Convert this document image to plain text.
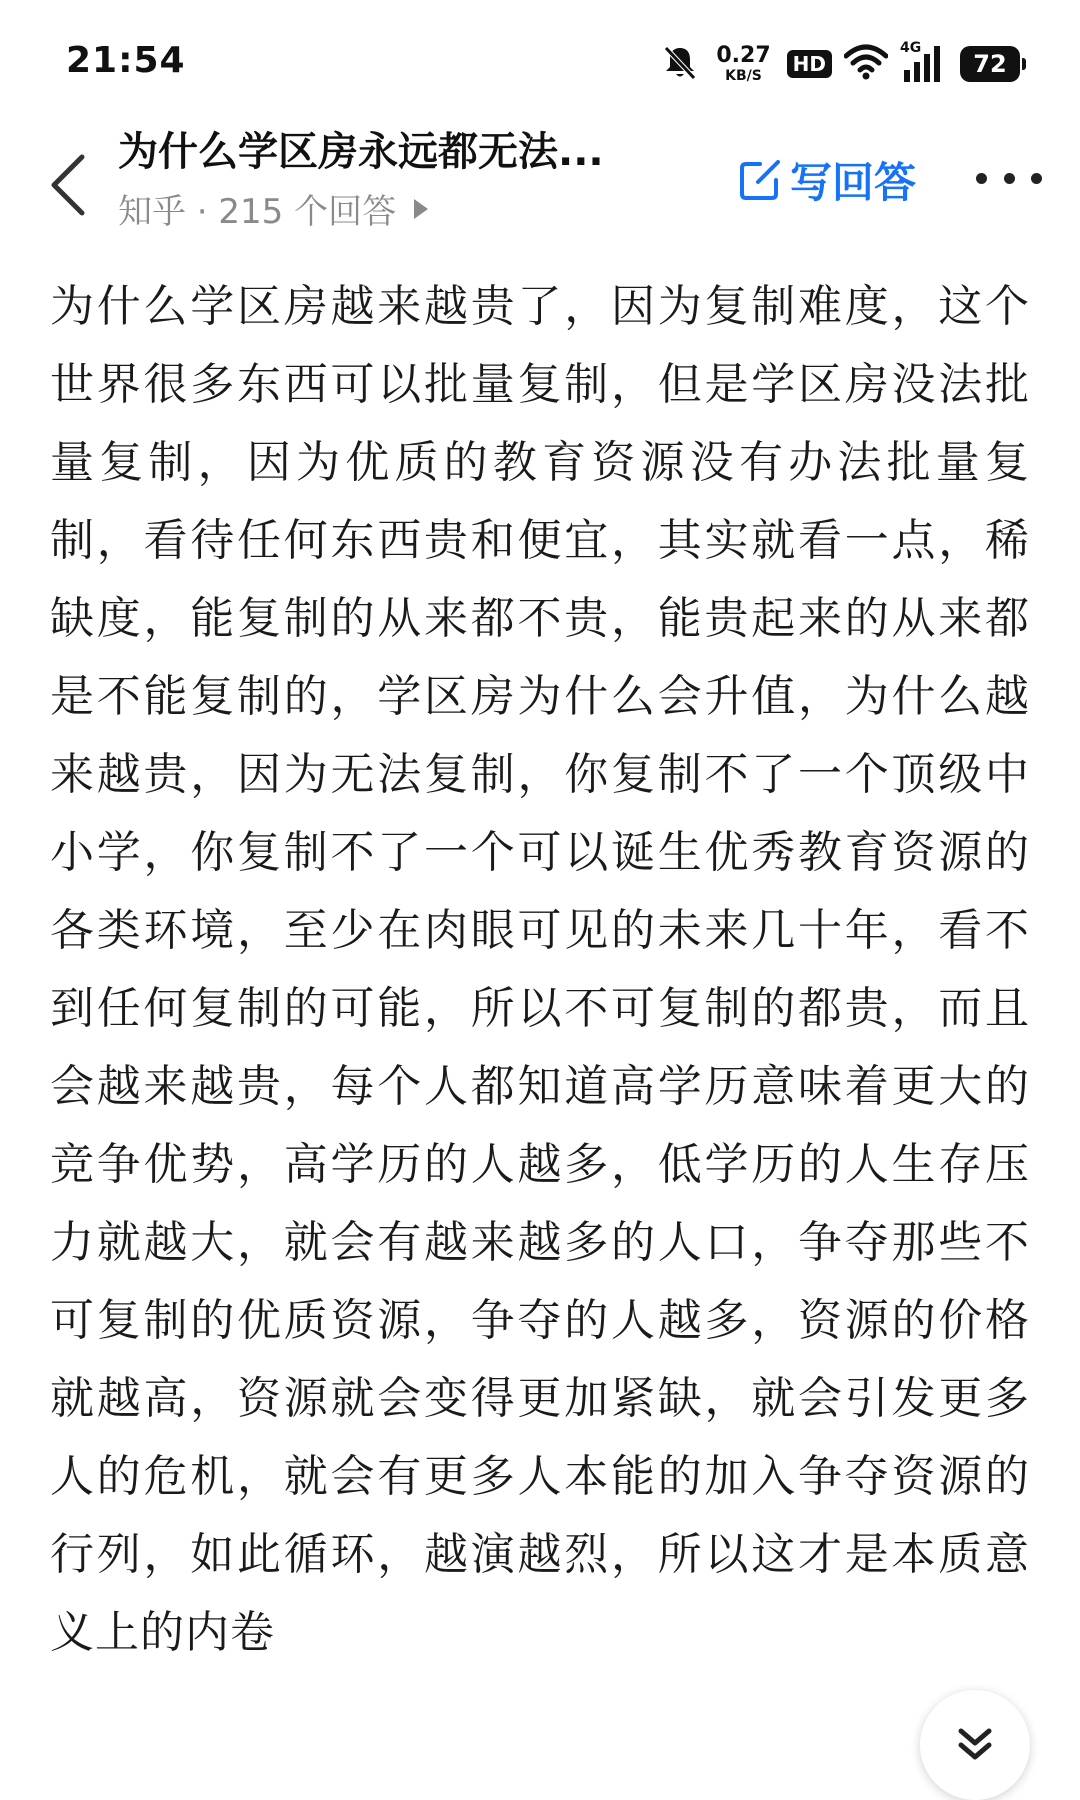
21:54	0.27
KB/S	HD
4G
72
为什么学区房永远都无法...
知乎 · 215 个回答
写回答
为什么学区房越来越贵了，因为复制难度，这个世界很多东西可以批量复制，但是学区房没法批量复制，因为优质的教育资源没有办法批量复制，看待任何东西贵和便宜，其实就看一点，稀缺度，能复制的从来都不贵，能贵起来的从来都是不能复制的，学区房为什么会升值，为什么越来越贵，因为无法复制，你复制不了一个顶级中小学，你复制不了一个可以诞生优秀教育资源的各类环境，至少在肉眼可见的未来几十年，看不到任何复制的可能，所以不可复制的都贵，而且会越来越贵，每个人都知道高学历意味着更大的竞争优势，高学历的人越多，低学历的人生存压力就越大，就会有越来越多的人口，争夺那些不可复制的优质资源，争夺的人越多，资源的价格就越高，资源就会变得更加紧缺，就会引发更多人的危机，就会有更多人本能的加入争夺资源的行列，如此循环，越演越烈，所以这才是本质意义上的内卷
